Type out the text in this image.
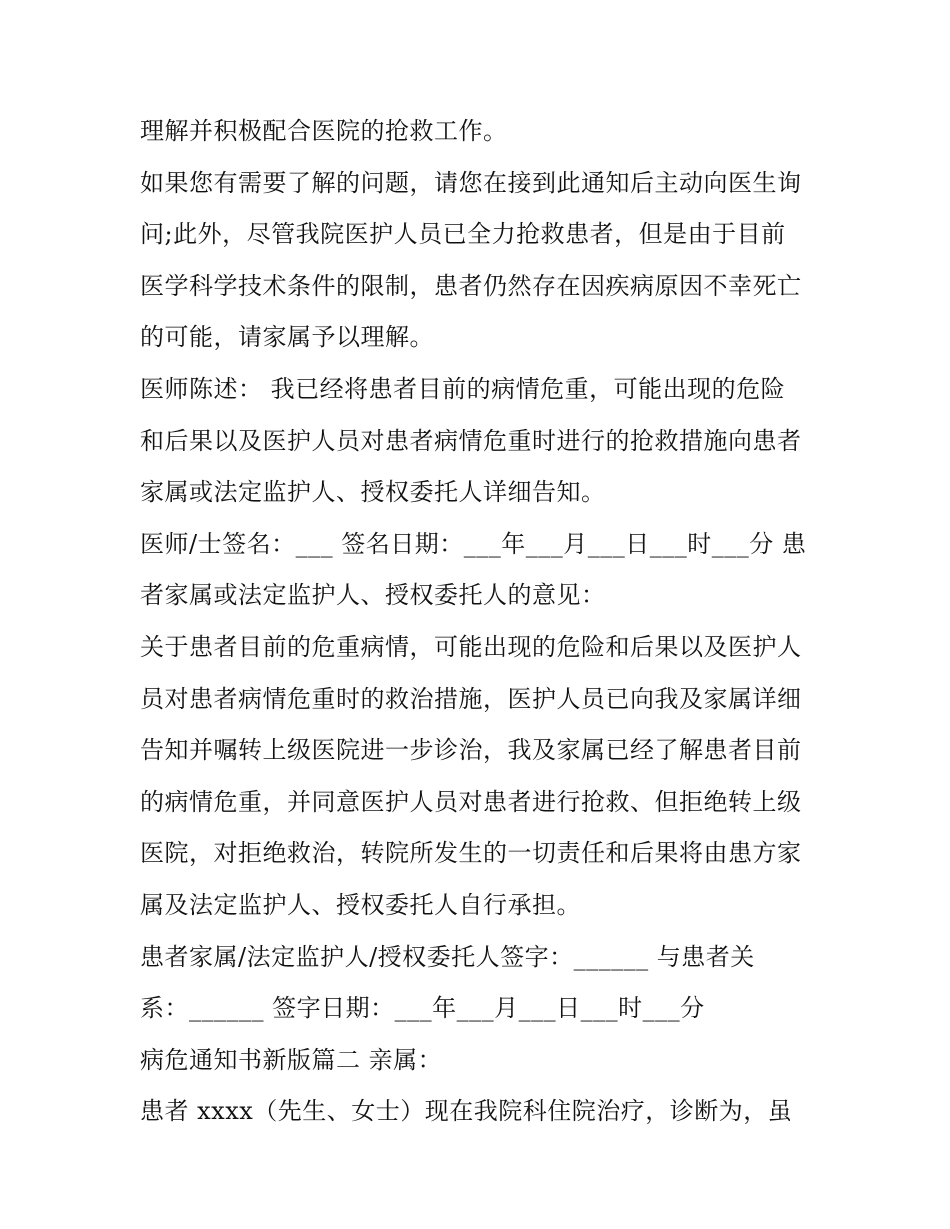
理解并积极配合医院的抢救工作。
如果您有需要了解的问题，请您在接到此通知后主动向医生询
问;此外，尽管我院医护人员已全力抢救患者，但是由于目前
医学科学技术条件的限制，患者仍然存在因疾病原因不幸死亡
的可能，请家属予以理解。
医师陈述： 我已经将患者目前的病情危重，可能出现的危险
和后果以及医护人员对患者病情危重时进行的抢救措施向患者
家属或法定监护人、授权委托人详细告知。
医师/士签名：___ 签名日期：___年___月___日___时___分 患
者家属或法定监护人、授权委托人的意见：
关于患者目前的危重病情，可能出现的危险和后果以及医护人
员对患者病情危重时的救治措施，医护人员已向我及家属详细
告知并嘱转上级医院进一步诊治，我及家属已经了解患者目前
的病情危重，并同意医护人员对患者进行抢救、但拒绝转上级
医院，对拒绝救治，转院所发生的一切责任和后果将由患方家
属及法定监护人、授权委托人自行承担。
患者家属/法定监护人/授权委托人签字：______ 与患者关
系：______ 签字日期：___年___月___日___时___分
病危通知书新版篇二 亲属：
患者 xxxx（先生、女士）现在我院科住院治疗，诊断为，虽
